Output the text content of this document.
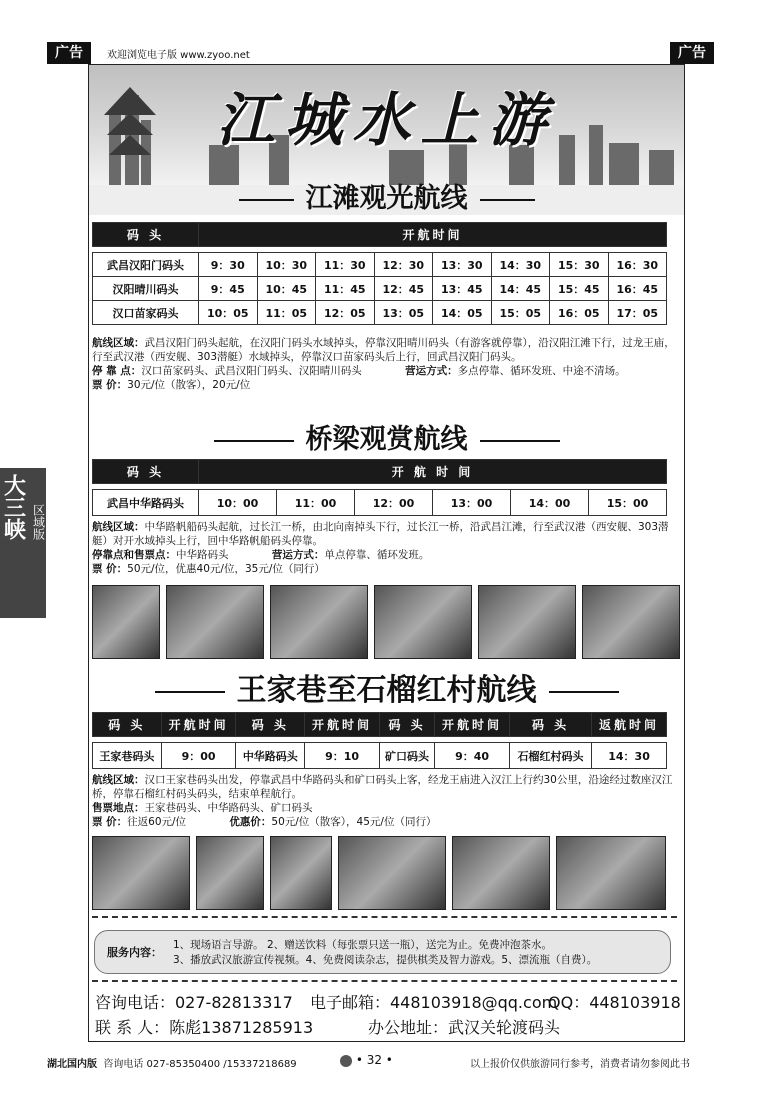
广告	欢迎浏览电子版 www.zyoo.net	广告
江城水上游
江滩观光航线
码 头	开航时间							

武昌汉阳门码头	9：30	10：30	11：30	12：30	13：30	14：30	15：30	16：30
汉阳晴川码头	9：45	10：45	11：45	12：45	13：45	14：45	15：45	16：45
汉口苗家码头	10：05	11：05	12：05	13：05	14：05	15：05	16：05	17：05
航线区域：武昌汉阳门码头起航，在汉阳门码头水域掉头，停靠汉阳晴川码头（有游客就停靠），沿汉阳江滩下行，过龙王庙，行至武汉港（西安舰、303潜艇）水域掉头，停靠汉口苗家码头后上行，回武昌汉阳门码头。
停 靠 点：汉口苗家码头、武昌汉阳门码头、汉阳晴川码头	营运方式：多点停靠、循环发班、中途不清场。
票 价：30元/位（散客），20元/位
桥梁观赏航线
码 头	开 航 时 间					

武昌中华路码头	10：00	11：00	12：00	13：00	14：00	15：00
航线区域：中华路帆船码头起航，过长江一桥，由北向南掉头下行，过长江一桥，沿武昌江滩，行至武汉港（西安舰、303潜艇）对开水域掉头上行，回中华路帆船码头停靠。
停靠点和售票点：中华路码头	营运方式：单点停靠、循环发班。
票 价：50元/位，优惠40元/位，35元/位（同行）
王家巷至石榴红村航线
码 头	开航时间	码 头	开航时间	码 头	开航时间	码 头	返航时间

王家巷码头	9：00	中华路码头	9：10	矿口码头	9：40	石榴红村码头	14：30
航线区域：汉口王家巷码头出发，停靠武昌中华路码头和矿口码头上客，经龙王庙进入汉江上行约30公里，沿途经过数座汉江桥，停靠石榴红村码头码头，结束单程航行。
售票地点：王家巷码头、中华路码头、矿口码头
票 价：往返60元/位	优惠价：50元/位（散客），45元/位（同行）
服务内容：
1、现场语言导游。 2、赠送饮料（每张票只送一瓶），送完为止。免费冲泡茶水。
3、播放武汉旅游宣传视频。4、免费阅读杂志，提供棋类及智力游戏。5、漂流瓶（自费）。
咨询电话：027-82813317 电子邮箱：448103918@qq.com
QQ：448103918
联 系 人：陈彪13871285913	办公地址：武汉关轮渡码头
大三峡 区域版
湖北国内版 咨询电话 027-85350400 /15337218689	• 32 •	以上报价仅供旅游同行参考，消费者请勿参阅此书
